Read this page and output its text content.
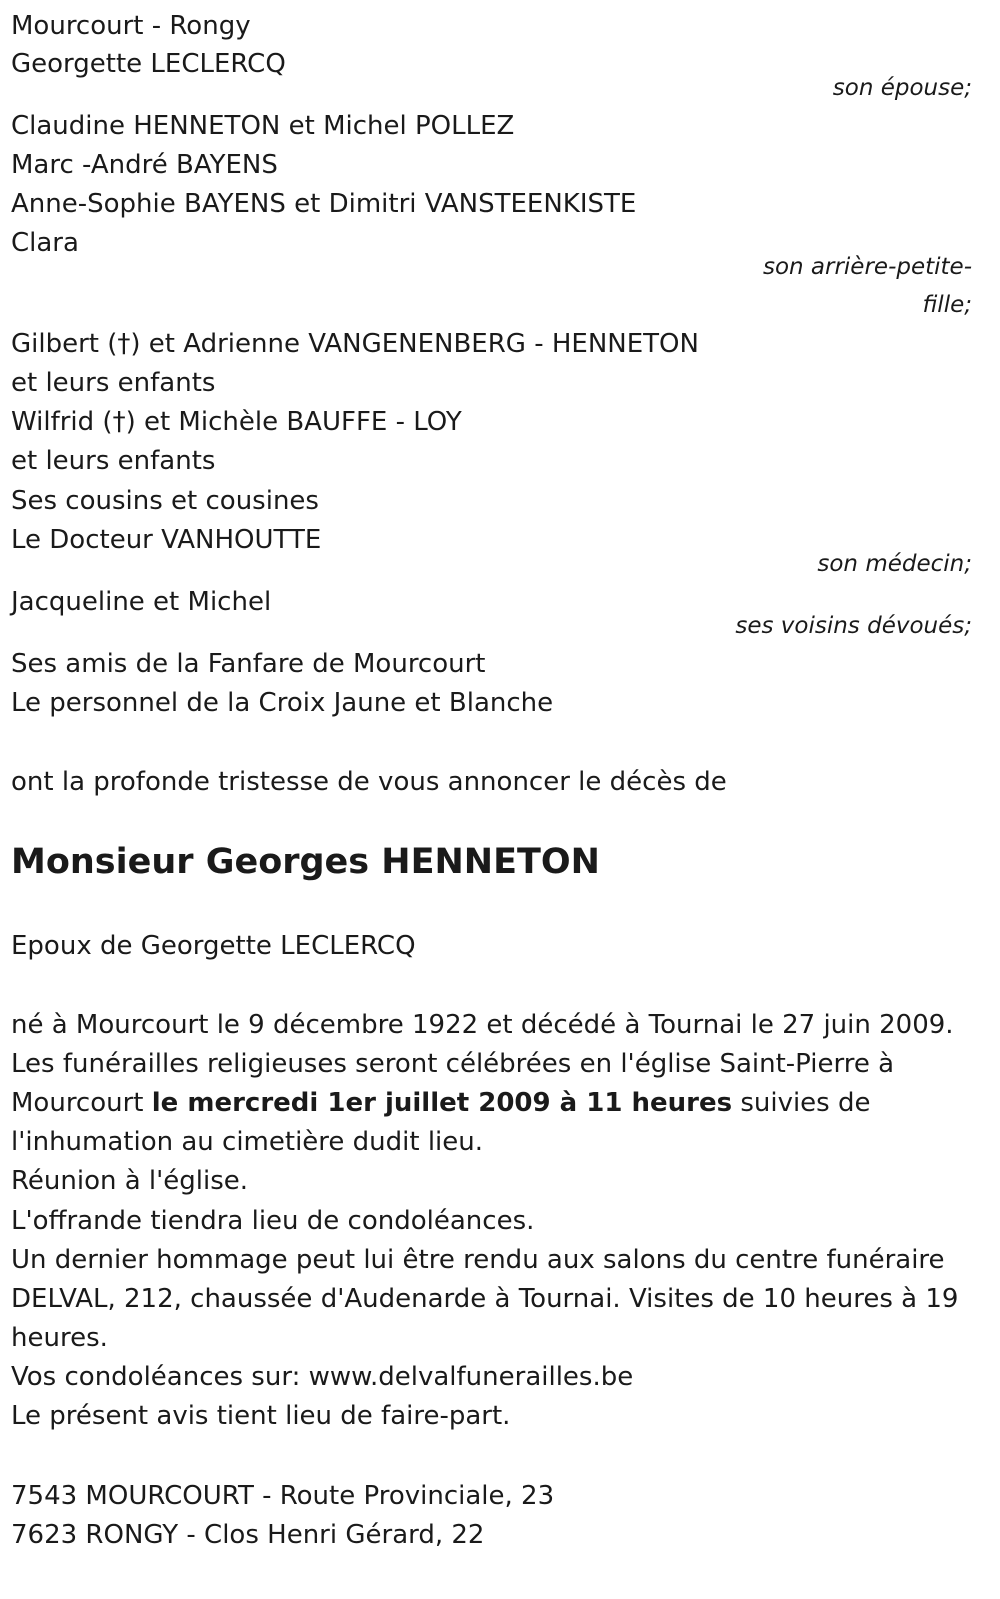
Mourcourt - Rongy
Georgette LECLERCQ
son épouse;
Claudine HENNETON et Michel POLLEZ
Marc -André BAYENS
Anne-Sophie BAYENS et Dimitri VANSTEENKISTE
Clara
son arrière-petite-
fille;
Gilbert (†) et Adrienne VANGENENBERG - HENNETON
et leurs enfants
Wilfrid (†) et Michèle BAUFFE - LOY
et leurs enfants
Ses cousins et cousines
Le Docteur VANHOUTTE
son médecin;
Jacqueline et Michel
ses voisins dévoués;
Ses amis de la Fanfare de Mourcourt
Le personnel de la Croix Jaune et Blanche
ont la profonde tristesse de vous annoncer le décès de
Monsieur Georges HENNETON
Epoux de Georgette LECLERCQ
né à Mourcourt le 9 décembre 1922 et décédé à Tournai le 27 juin 2009.
Les funérailles religieuses seront célébrées en l'église Saint-Pierre à
Mourcourt le mercredi 1er juillet 2009 à 11 heures suivies de
l'inhumation au cimetière dudit lieu.
Réunion à l'église.
L'offrande tiendra lieu de condoléances.
Un dernier hommage peut lui être rendu aux salons du centre funéraire
DELVAL, 212, chaussée d'Audenarde à Tournai. Visites de 10 heures à 19
heures.
Vos condoléances sur: www.delvalfunerailles.be
Le présent avis tient lieu de faire-part.
7543 MOURCOURT - Route Provinciale, 23
7623 RONGY - Clos Henri Gérard, 22
